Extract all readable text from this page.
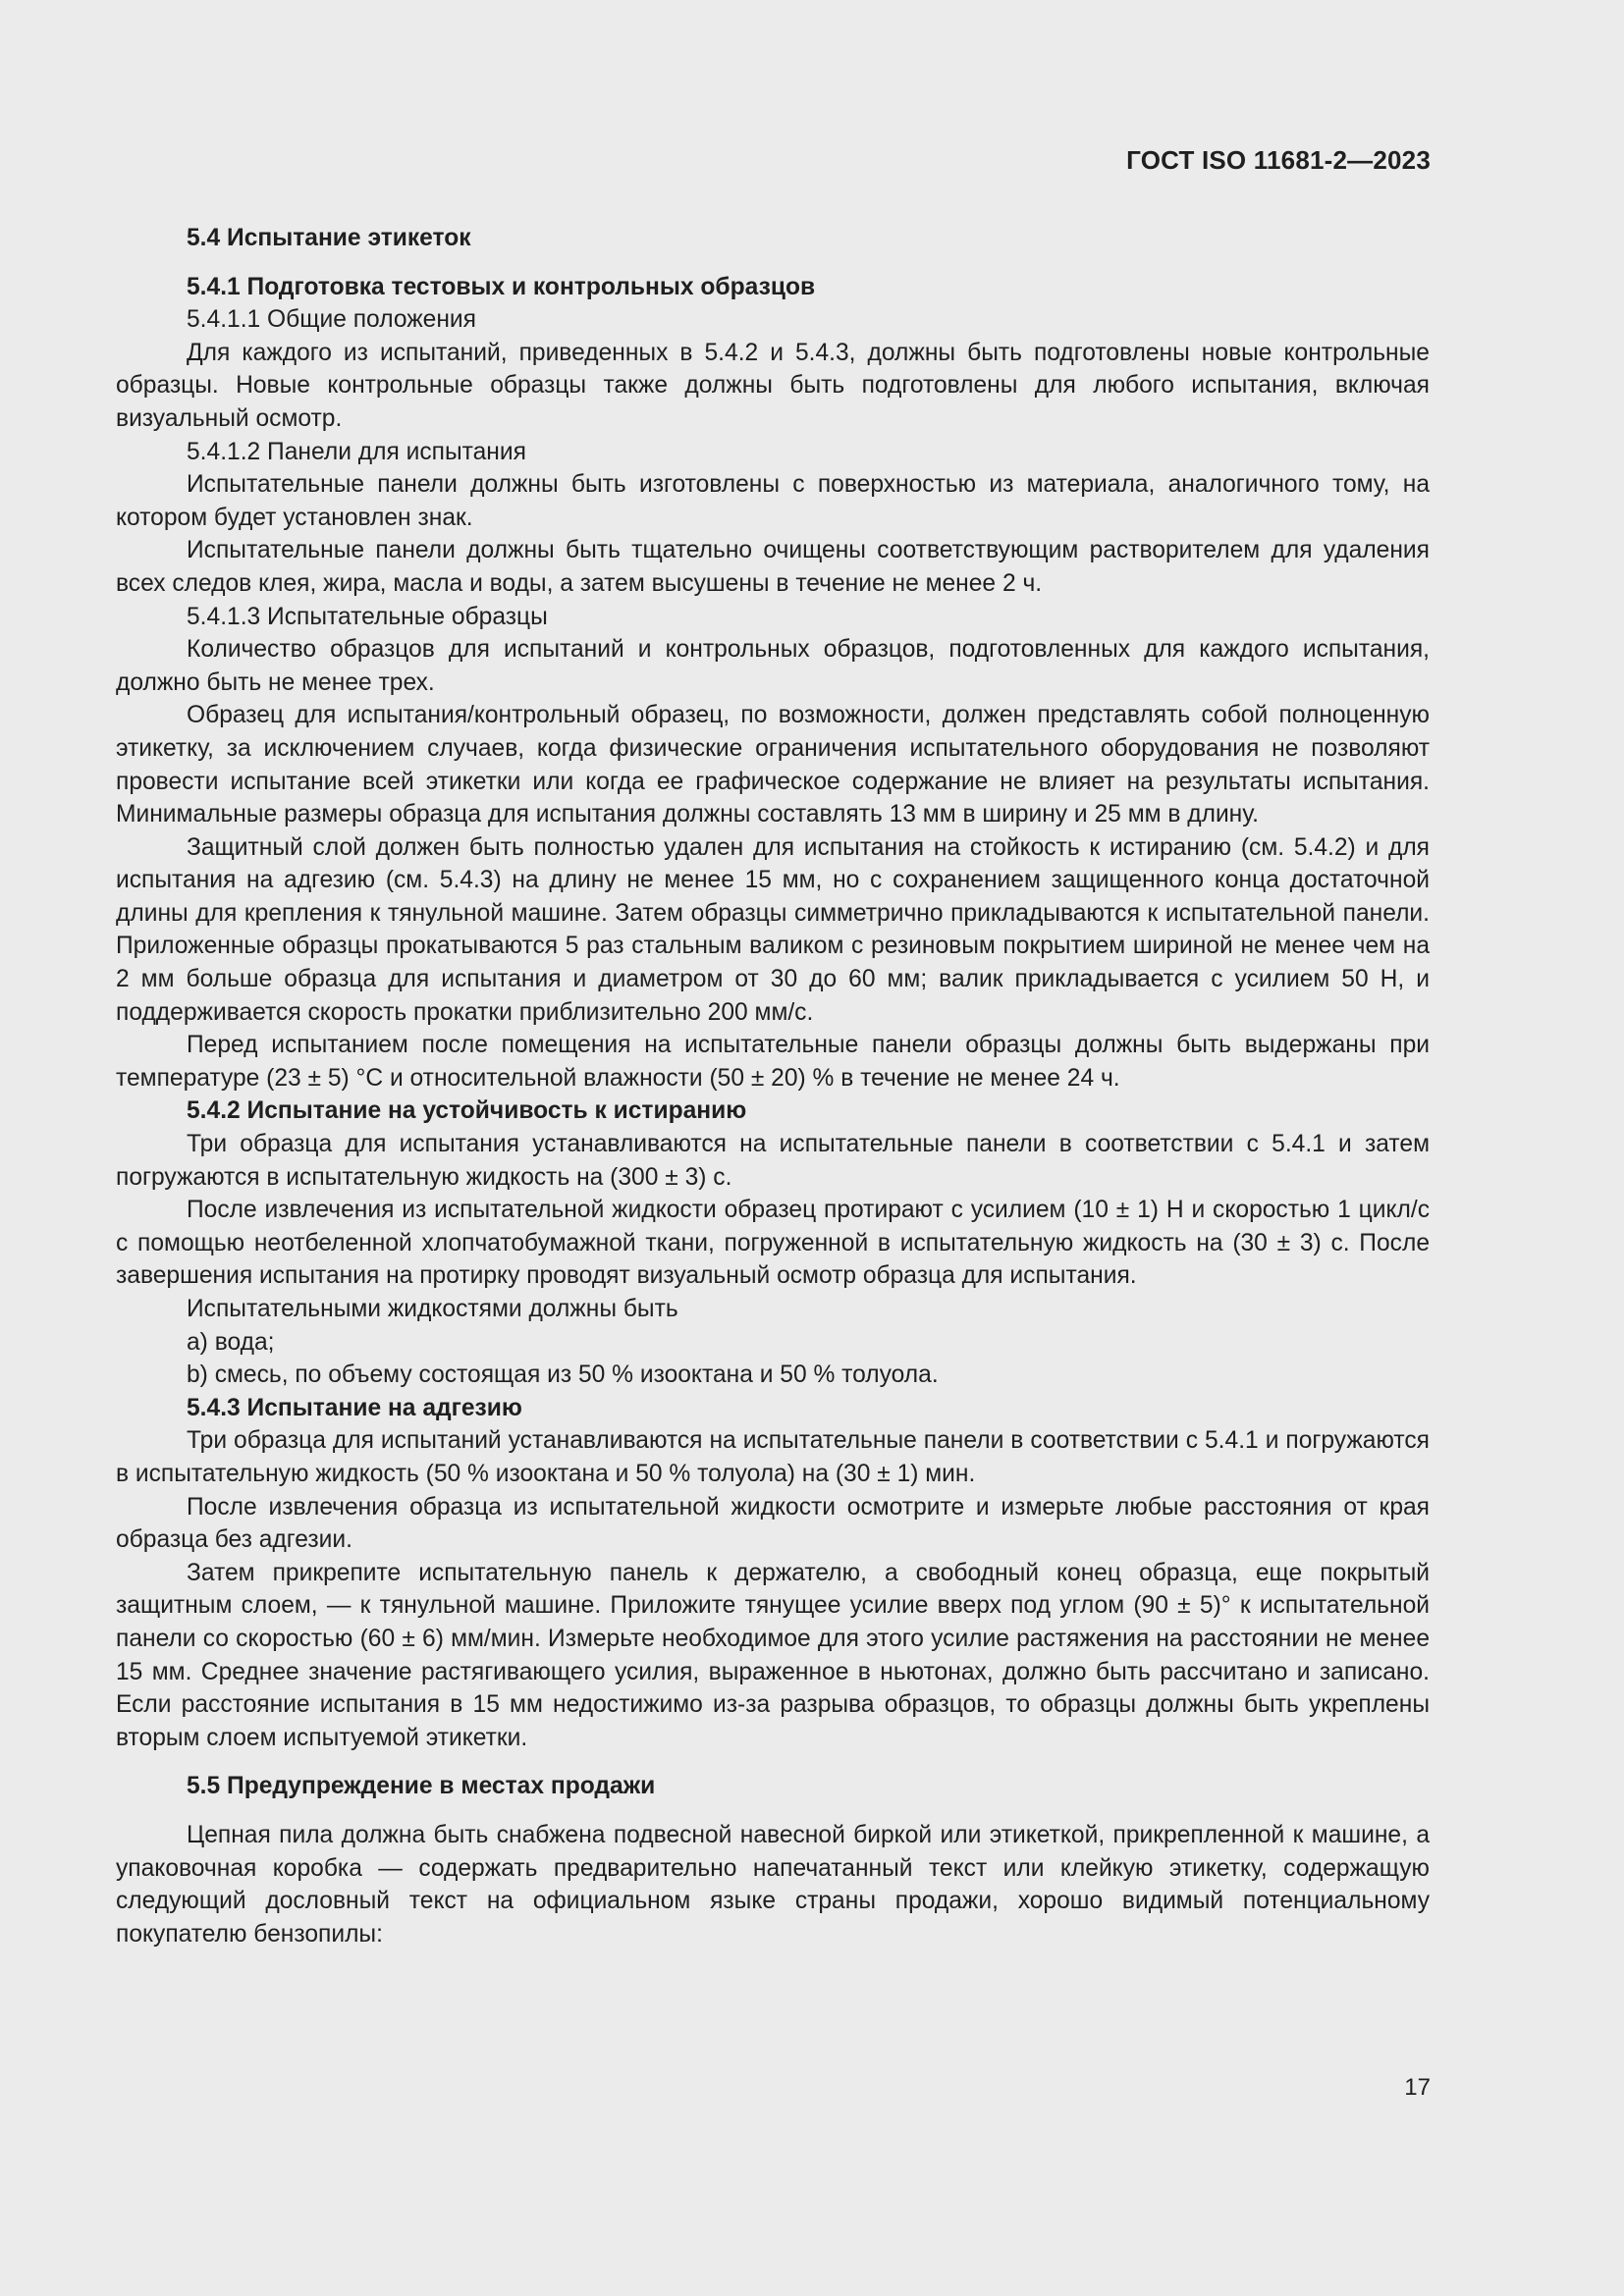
ГОСТ ISO 11681-2—2023

5.4 Испытание этикеток

5.4.1 Подготовка тестовых и контрольных образцов

5.4.1.1 Общие положения

Для каждого из испытаний, приведенных в 5.4.2 и 5.4.3, должны быть подготовлены новые контрольные образцы. Новые контрольные образцы также должны быть подготовлены для любого испытания, включая визуальный осмотр.

5.4.1.2 Панели для испытания

Испытательные панели должны быть изготовлены с поверхностью из материала, аналогичного тому, на котором будет установлен знак.

Испытательные панели должны быть тщательно очищены соответствующим растворителем для удаления всех следов клея, жира, масла и воды, а затем высушены в течение не менее 2 ч.

5.4.1.3 Испытательные образцы

Количество образцов для испытаний и контрольных образцов, подготовленных для каждого испытания, должно быть не менее трех.

Образец для испытания/контрольный образец, по возможности, должен представлять собой полноценную этикетку, за исключением случаев, когда физические ограничения испытательного оборудования не позволяют провести испытание всей этикетки или когда ее графическое содержание не влияет на результаты испытания. Минимальные размеры образца для испытания должны составлять 13 мм в ширину и 25 мм в длину.

Защитный слой должен быть полностью удален для испытания на стойкость к истиранию (см. 5.4.2) и для испытания на адгезию (см. 5.4.3) на длину не менее 15 мм, но с сохранением защищенного конца достаточной длины для крепления к тянульной машине. Затем образцы симметрично прикладываются к испытательной панели. Приложенные образцы прокатываются 5 раз стальным валиком с резиновым покрытием шириной не менее чем на 2 мм больше образца для испытания и диаметром от 30 до 60 мм; валик прикладывается с усилием 50 Н, и поддерживается скорость прокатки приблизительно 200 мм/с.

Перед испытанием после помещения на испытательные панели образцы должны быть выдержаны при температуре (23 ± 5) °С и относительной влажности (50 ± 20) % в течение не менее 24 ч.

5.4.2 Испытание на устойчивость к истиранию

Три образца для испытания устанавливаются на испытательные панели в соответствии с 5.4.1 и затем погружаются в испытательную жидкость на (300 ± 3) с.

После извлечения из испытательной жидкости образец протирают с усилием (10 ± 1) Н и скоростью 1 цикл/с с помощью неотбеленной хлопчатобумажной ткани, погруженной в испытательную жидкость на (30 ± 3) с. После завершения испытания на протирку проводят визуальный осмотр образца для испытания.

Испытательными жидкостями должны быть

a) вода;

b) смесь, по объему состоящая из 50 % изооктана и 50 % толуола.

5.4.3 Испытание на адгезию

Три образца для испытаний устанавливаются на испытательные панели в соответствии с 5.4.1 и погружаются в испытательную жидкость (50 % изооктана и 50 % толуола) на (30 ± 1) мин.

После извлечения образца из испытательной жидкости осмотрите и измерьте любые расстояния от края образца без адгезии.

Затем прикрепите испытательную панель к держателю, а свободный конец образца, еще покрытый защитным слоем, — к тянульной машине. Приложите тянущее усилие вверх под углом (90 ± 5)° к испытательной панели со скоростью (60 ± 6) мм/мин. Измерьте необходимое для этого усилие растяжения на расстоянии не менее 15 мм. Среднее значение растягивающего усилия, выраженное в ньютонах, должно быть рассчитано и записано. Если расстояние испытания в 15 мм недостижимо из-за разрыва образцов, то образцы должны быть укреплены вторым слоем испытуемой этикетки.

5.5 Предупреждение в местах продажи

Цепная пила должна быть снабжена подвесной навесной биркой или этикеткой, прикрепленной к машине, а упаковочная коробка — содержать предварительно напечатанный текст или клейкую этикетку, содержащую следующий дословный текст на официальном языке страны продажи, хорошо видимый потенциальному покупателю бензопилы:

17
